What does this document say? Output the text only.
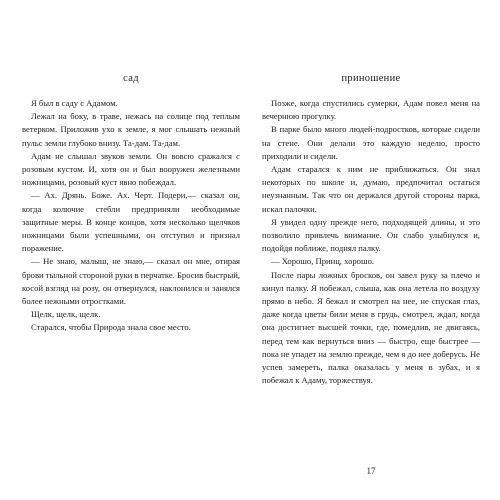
сад

Я был в саду с Адамом.

Лежал на боку, в траве, нежась на солнце под теплым ветерком. Приложив ухо к земле, я мог слышать нежный пульс земли глубоко внизу. Та-дам. Та-дам.

Адам не слышал звуков земли. Он вовсю сражался с розовым кустом. И, хотя он и был вооружен железными ножницами, розовый куст явно побеждал.

— Ах. Дрянь. Боже. Ах. Черт. Подери,— сказал он, когда колючие стебли предприняли необходимые защитные меры. В конце концов, хотя несколько щелчков ножницами были успешными, он отступил и признал поражение.

— Не знаю, малыш, не знаю,— сказал он мне, отирая брови тыльной стороной руки в перчатке. Бросив быстрый, косой взгляд на розу, он отвернулся, наклонился и занялся более нежными отростками.

Щелк, щелк, щелк.

Старался, чтобы Природа знала свое место.

приношение

Позже, когда спустились сумерки, Адам повел меня на вечернюю прогулку.

В парке было много людей-подростков, которые сидели на стене. Они делали это каждую неделю, просто приходили и сидели.

Адам старался к ним не приближаться. Он знал некоторых по школе и, думаю, предпочитал остаться неузнанным. Так что он держался другой стороны парка, искал палочки.

Я увидел одну прежде него, подходящей длины, и это позволило привлечь внимание. Он слабо улыбнулся и, подойдя поближе, поднял палку.

— Хорошо, Принц, хорошо.

После пары ложных бросков, он завел руку за плечо и кинул палку. Я побежал, слыша, как она летела по воздуху прямо в небо. Я бежал и смотрел на нее, не спуская глаз, даже когда цветы били меня в грудь, смотрел, ждал, когда она достигнет высшей точки, где, помедлив, не двигаясь, перед тем как вернуться вниз — быстро, еще быстрее — пока не упадет на землю прежде, чем я до нее доберусь. Не успев замереть, палка оказалась у меня в зубах, и я побежал к Адаму, торжествуя.

17
